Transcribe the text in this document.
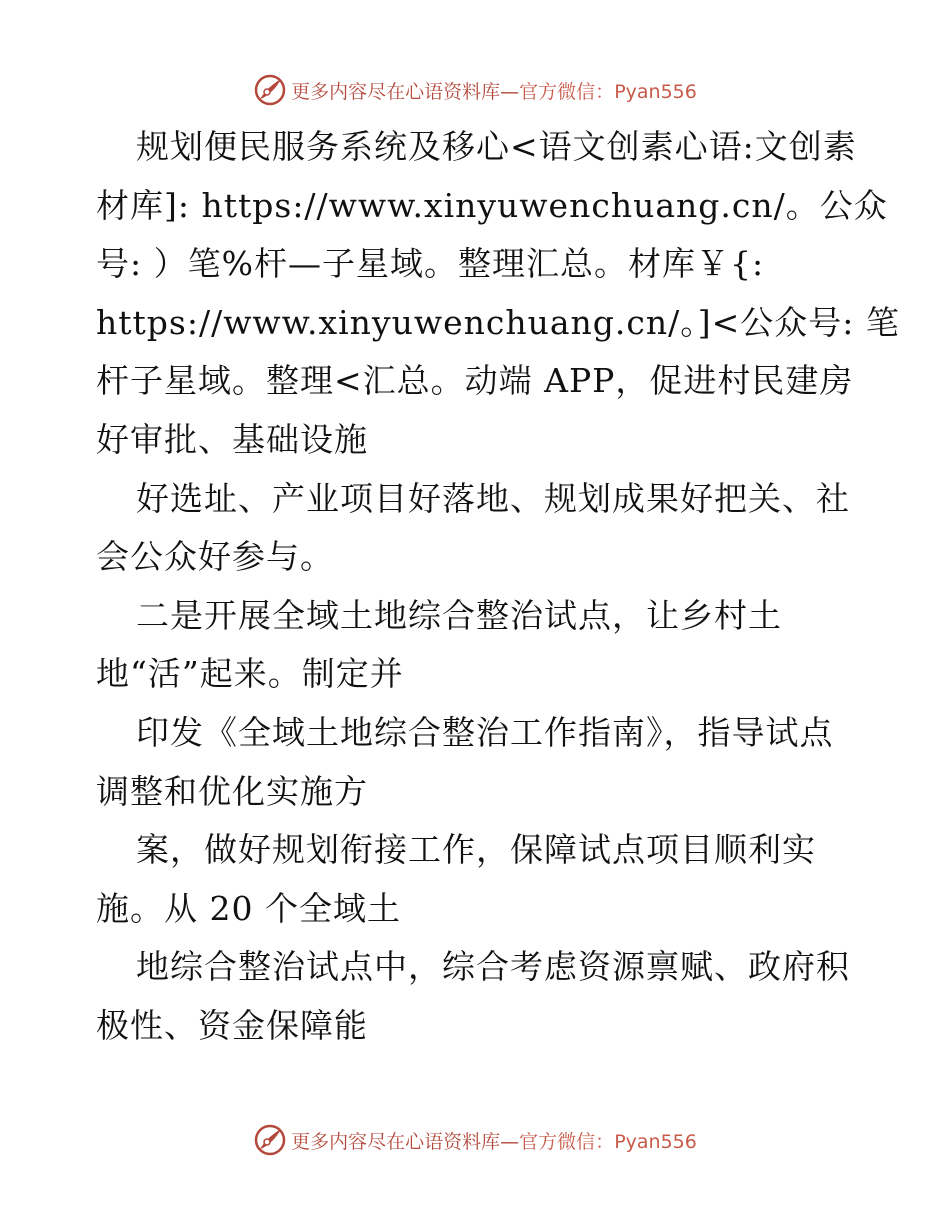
更多内容尽在心语资料库—官方微信：Pyan556
规划便民服务系统及移心<语文创素心语:文创素
材库]: https://www.xinyuwenchuang.cn/。公众
号: ）笔%杆—子星域。整理汇总。材库￥{:
https://www.xinyuwenchuang.cn/。]<公众号: 笔
杆子星域。整理<汇总。动端 APP，促进村民建房
好审批、基础设施
好选址、产业项目好落地、规划成果好把关、社
会公众好参与。
二是开展全域土地综合整治试点，让乡村土
地“活”起来。制定并
印发《全域土地综合整治工作指南》，指导试点
调整和优化实施方
案，做好规划衔接工作，保障试点项目顺利实
施。从 20 个全域土
地综合整治试点中，综合考虑资源禀赋、政府积
极性、资金保障能
更多内容尽在心语资料库—官方微信：Pyan556
